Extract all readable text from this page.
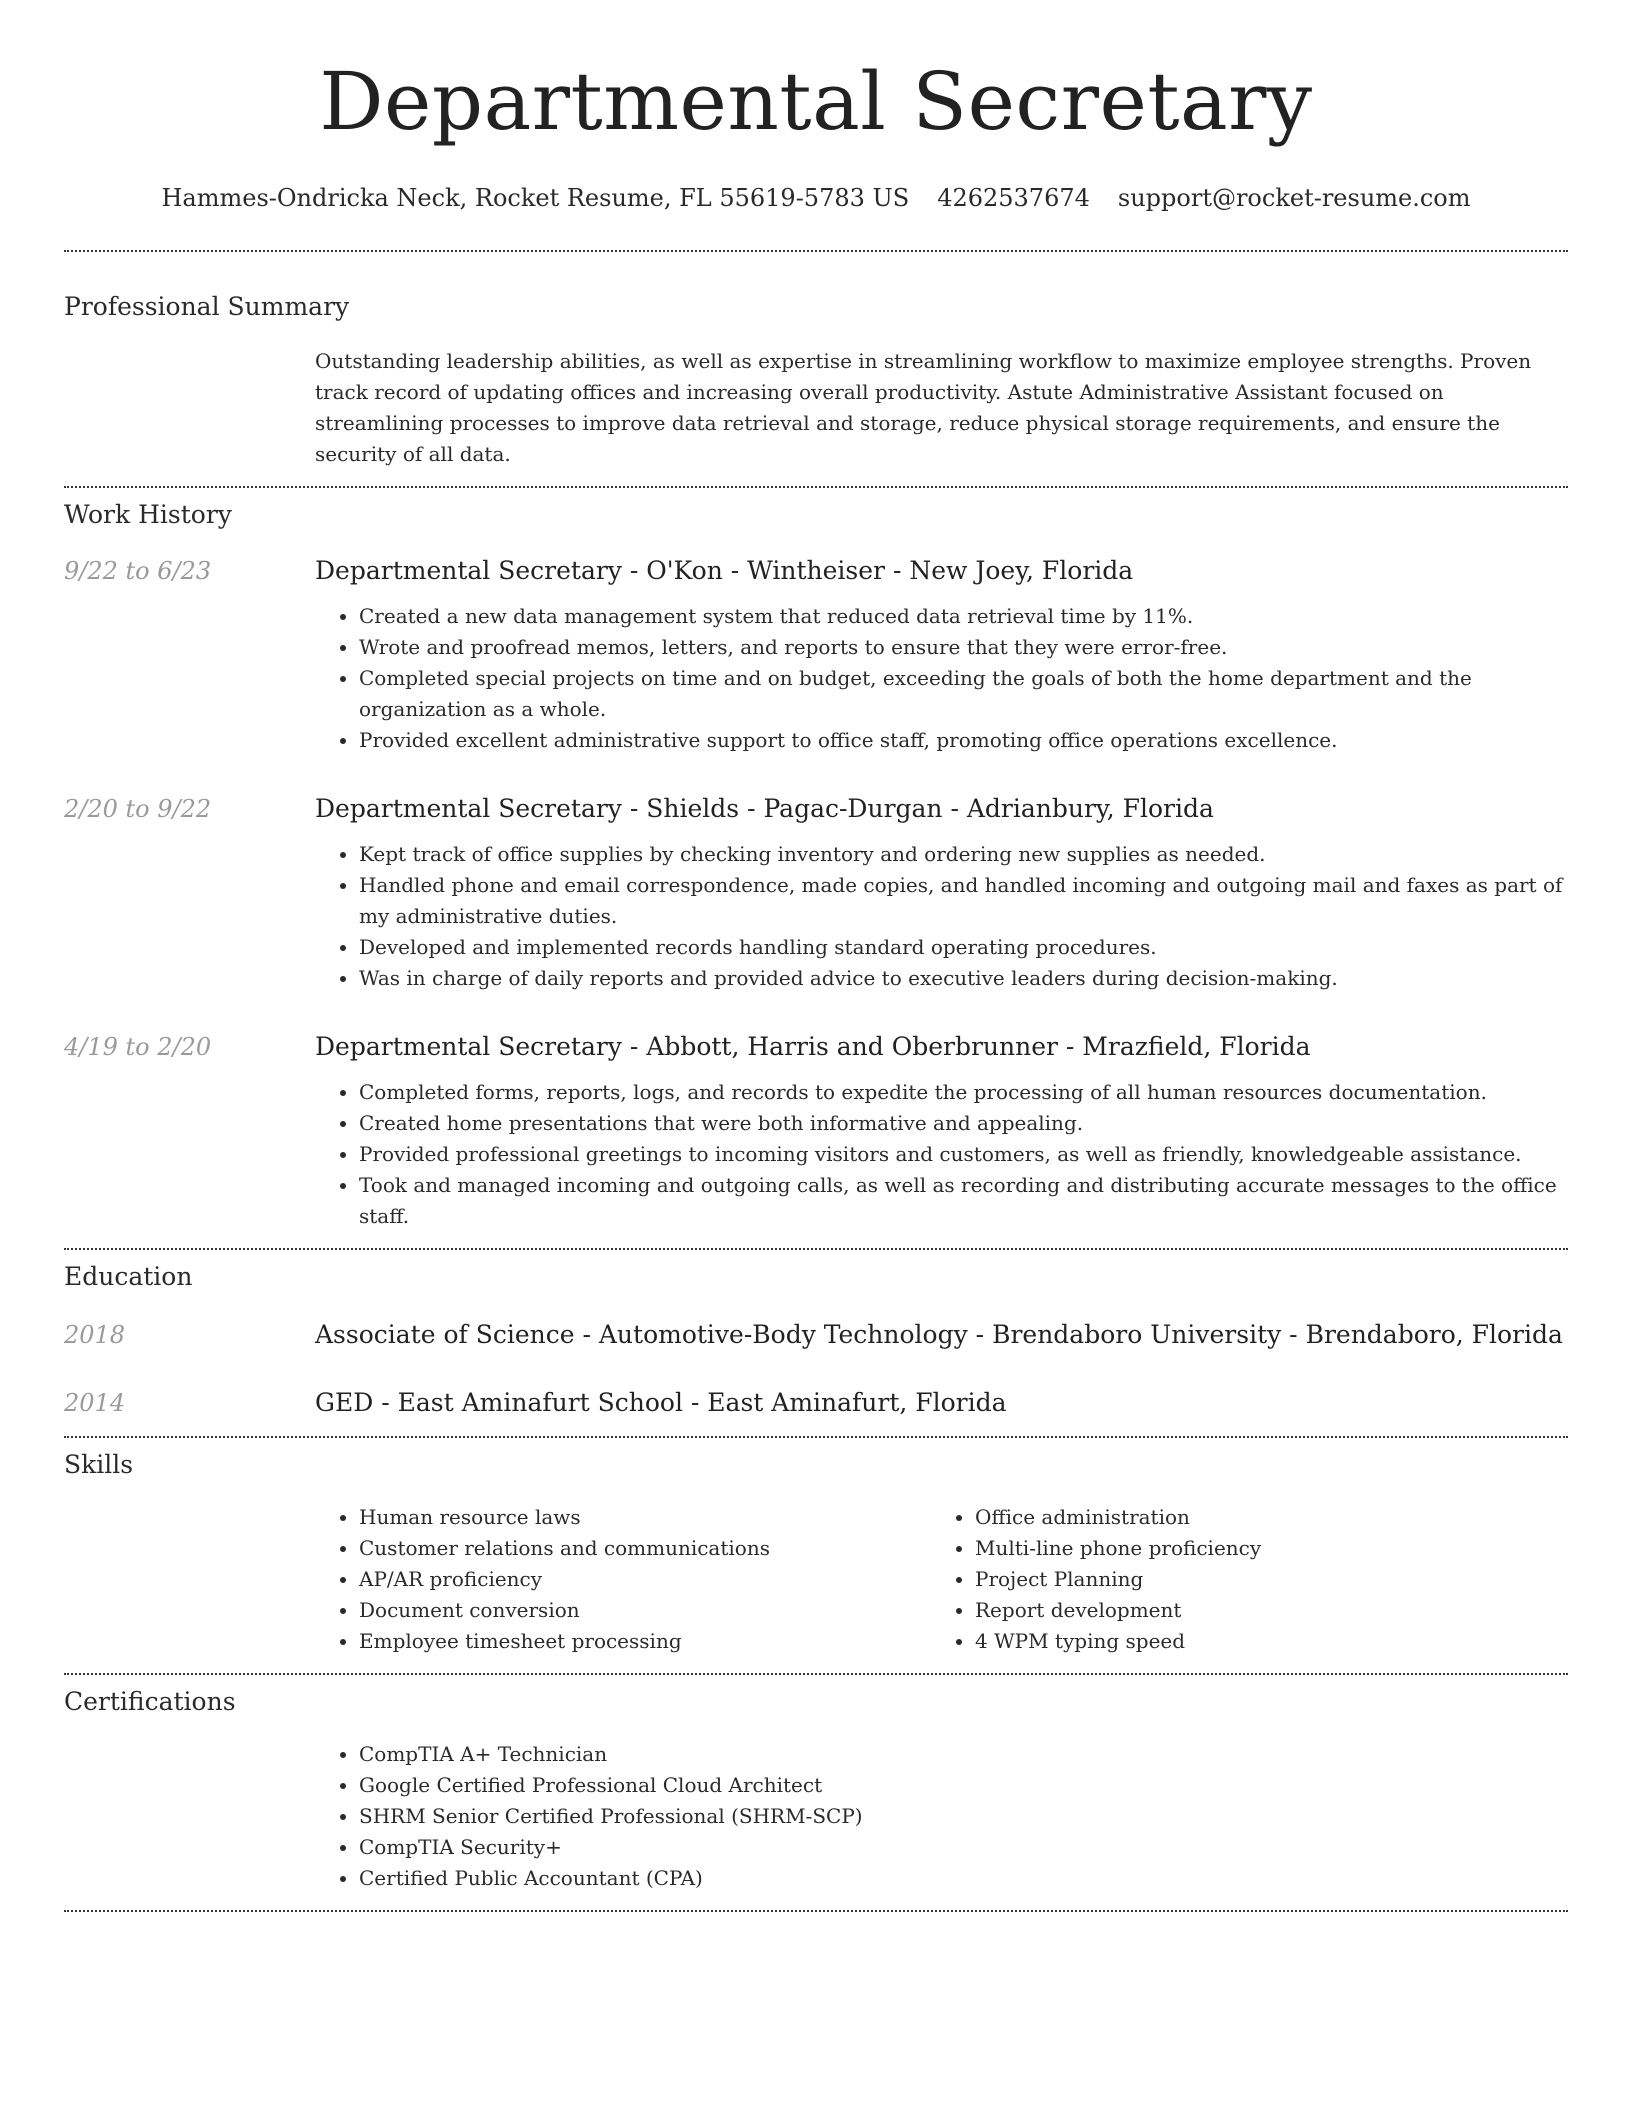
Departmental Secretary
Hammes-Ondricka Neck, Rocket Resume, FL 55619-5783 US 4262537674 support@rocket-resume.com
Professional Summary

Outstanding leadership abilities, as well as expertise in streamlining workflow to maximize employee strengths. Proven track record of updating offices and increasing overall productivity. Astute Administrative Assistant focused on streamlining processes to improve data retrieval and storage, reduce physical storage requirements, and ensure the security of all data.

Work History
9/22 to 6/23	Departmental Secretary - O'Kon - Wintheiser - New Joey, Florida
• Created a new data management system that reduced data retrieval time by 11%.
• Wrote and proofread memos, letters, and reports to ensure that they were error-free.
• Completed special projects on time and on budget, exceeding the goals of both the home department and the organization as a whole.
• Provided excellent administrative support to office staff, promoting office operations excellence.
2/20 to 9/22	Departmental Secretary - Shields - Pagac-Durgan - Adrianbury, Florida
• Kept track of office supplies by checking inventory and ordering new supplies as needed.
• Handled phone and email correspondence, made copies, and handled incoming and outgoing mail and faxes as part of my administrative duties.
• Developed and implemented records handling standard operating procedures.
• Was in charge of daily reports and provided advice to executive leaders during decision-making.
4/19 to 2/20	Departmental Secretary - Abbott, Harris and Oberbrunner - Mrazfield, Florida
• Completed forms, reports, logs, and records to expedite the processing of all human resources documentation.
• Created home presentations that were both informative and appealing.
• Provided professional greetings to incoming visitors and customers, as well as friendly, knowledgeable assistance.
• Took and managed incoming and outgoing calls, as well as recording and distributing accurate messages to the office staff.
Education
2018	Associate of Science - Automotive-Body Technology - Brendaboro University - Brendaboro, Florida
2014	GED - East Aminafurt School - East Aminafurt, Florida
Skills
• Human resource laws
• Customer relations and communications
• AP/AR proficiency
• Document conversion
• Employee timesheet processing
• Office administration
• Multi-line phone proficiency
• Project Planning
• Report development
• 4 WPM typing speed
Certifications
• CompTIA A+ Technician
• Google Certified Professional Cloud Architect
• SHRM Senior Certified Professional (SHRM-SCP)
• CompTIA Security+
• Certified Public Accountant (CPA)
